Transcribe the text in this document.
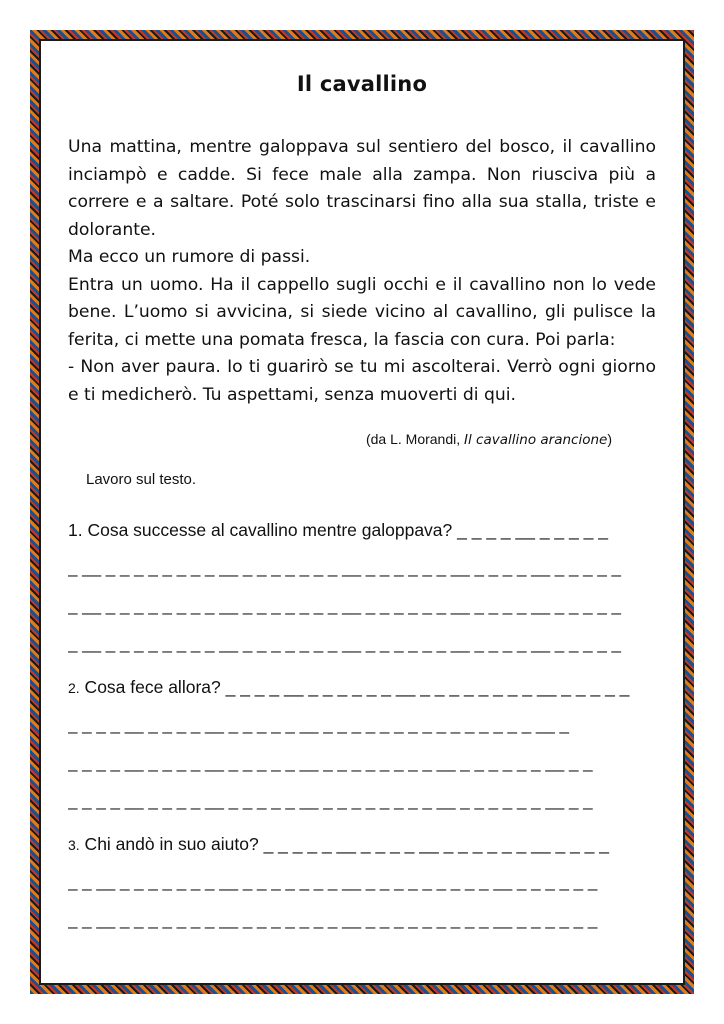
Il cavallino

Una mattina, mentre galoppava sul sentiero del bosco, il cavallino inciampò e cadde. Si fece male alla zampa. Non riusciva più a correre e a saltare. Poté solo trascinarsi fino alla sua stalla, triste e dolorante.

Ma ecco un rumore di passi.

Entra un uomo. Ha il cappello sugli occhi e il cavallino non lo vede bene. L’uomo si avvicina, si siede vicino al cavallino, gli pulisce la ferita, ci mette una pomata fresca, la fascia con cura. Poi parla:

- Non aver paura. Io ti guarirò se tu mi ascolterai. Verrò ogni giorno e ti medicherò. Tu aspettami, senza muoverti di qui.

(da L. Morandi, Il cavallino arancione)
Lavoro sul testo.
1. Cosa successe al cavallino mentre galoppava? _ _ _ _ __ _ _ _ _ _
_ __ _ _ _ _ _ _ _ _ __ _ _ _ _ _ _ _ __ _ _ _ _ _ _ __ _ _ _ _ __ _ _ _ _ _
_ __ _ _ _ _ _ _ _ _ __ _ _ _ _ _ _ _ __ _ _ _ _ _ _ __ _ _ _ _ __ _ _ _ _ _
_ __ _ _ _ _ _ _ _ _ __ _ _ _ _ _ _ _ __ _ _ _ _ _ _ __ _ _ _ _ __ _ _ _ _ _
2. Cosa fece allora? _ _ _ _ __ _ _ _ _ _ _ __ _ _ _ _ _ _ _ _ __ _ _ _ _ _
_ _ _ _ __ _ _ _ _ __ _ _ _ _ _ __ _ _ _ _ _ _ _ _ _ _ _ _ _ _ _ __ _
_ _ _ _ __ _ _ _ _ __ _ _ _ _ _ __ _ _ _ _ _ _ _ _ __ _ _ _ _ _ _ __ _ _
_ _ _ _ __ _ _ _ _ __ _ _ _ _ _ __ _ _ _ _ _ _ _ _ __ _ _ _ _ _ _ __ _ _
3. Chi andò in suo aiuto? _ _ _ _ _ __ _ _ _ _ __ _ _ _ _ _ _ __ _ _ _ _
_ _ __ _ _ _ _ _ _ _ __ _ _ _ _ _ _ _ __ _ _ _ _ _ _ _ _ _ __ _ _ _ _ _ _
_ _ __ _ _ _ _ _ _ _ __ _ _ _ _ _ _ _ __ _ _ _ _ _ _ _ _ _ __ _ _ _ _ _ _
